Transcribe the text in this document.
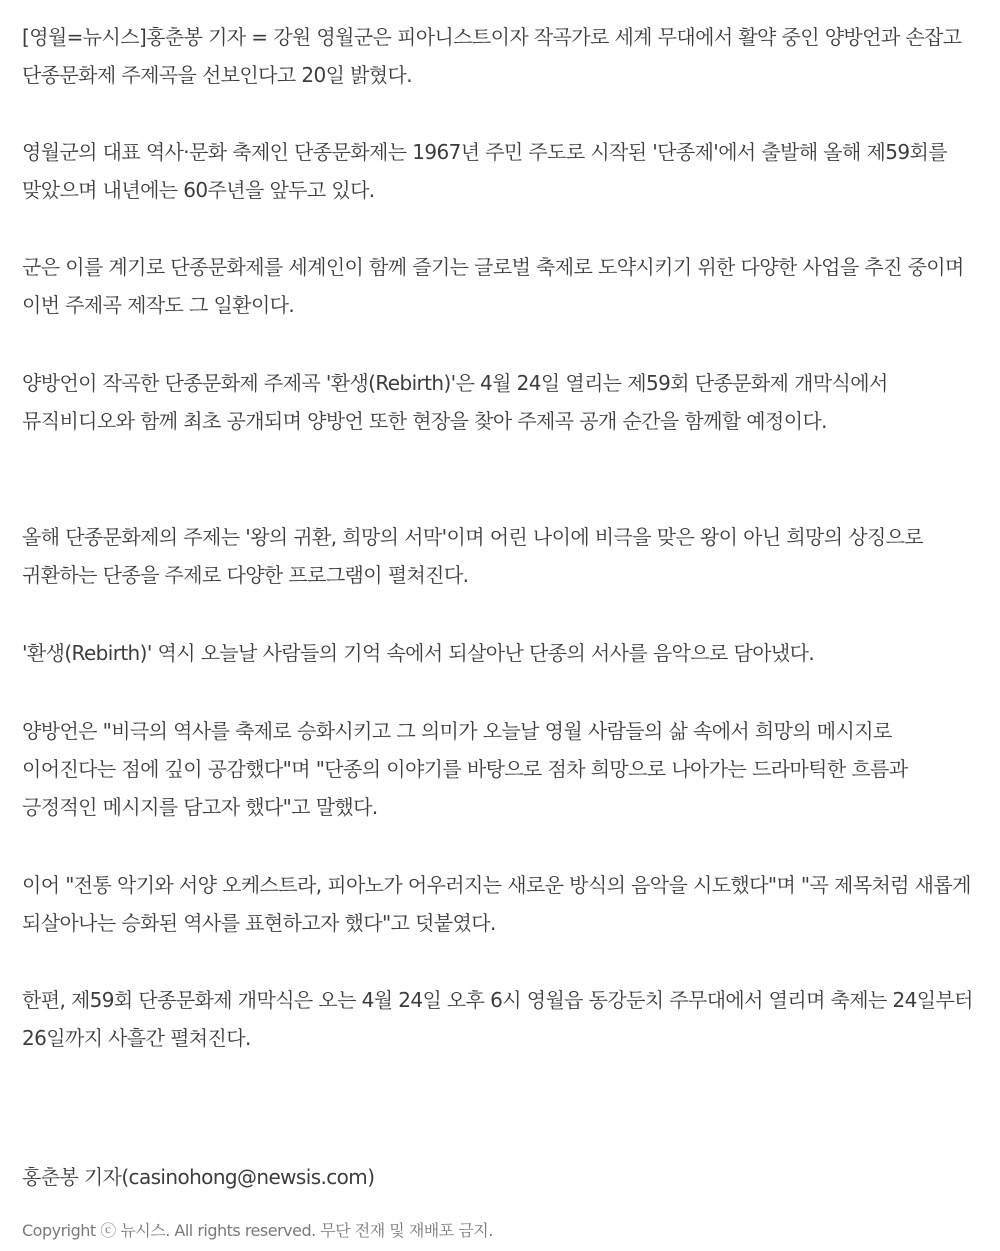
[영월=뉴시스]홍춘봉 기자 = 강원 영월군은 피아니스트이자 작곡가로 세계 무대에서 활약 중인 양방언과 손잡고 단종문화제 주제곡을 선보인다고 20일 밝혔다.

영월군의 대표 역사·문화 축제인 단종문화제는 1967년 주민 주도로 시작된 '단종제'에서 출발해 올해 제59회를 맞았으며 내년에는 60주년을 앞두고 있다.

군은 이를 계기로 단종문화제를 세계인이 함께 즐기는 글로벌 축제로 도약시키기 위한 다양한 사업을 추진 중이며 이번 주제곡 제작도 그 일환이다.

양방언이 작곡한 단종문화제 주제곡 '환생(Rebirth)'은 4월 24일 열리는 제59회 단종문화제 개막식에서 뮤직비디오와 함께 최초 공개되며 양방언 또한 현장을 찾아 주제곡 공개 순간을 함께할 예정이다.

올해 단종문화제의 주제는 '왕의 귀환, 희망의 서막'이며 어린 나이에 비극을 맞은 왕이 아닌 희망의 상징으로 귀환하는 단종을 주제로 다양한 프로그램이 펼쳐진다.

'환생(Rebirth)' 역시 오늘날 사람들의 기억 속에서 되살아난 단종의 서사를 음악으로 담아냈다.

양방언은 "비극의 역사를 축제로 승화시키고 그 의미가 오늘날 영월 사람들의 삶 속에서 희망의 메시지로 이어진다는 점에 깊이 공감했다"며 "단종의 이야기를 바탕으로 점차 희망으로 나아가는 드라마틱한 흐름과 긍정적인 메시지를 담고자 했다"고 말했다.

이어 "전통 악기와 서양 오케스트라, 피아노가 어우러지는 새로운 방식의 음악을 시도했다"며 "곡 제목처럼 새롭게 되살아나는 승화된 역사를 표현하고자 했다"고 덧붙였다.

한편, 제59회 단종문화제 개막식은 오는 4월 24일 오후 6시 영월읍 동강둔치 주무대에서 열리며 축제는 24일부터 26일까지 사흘간 펼쳐진다.

홍춘봉 기자(casinohong@newsis.com)

Copyright ⓒ 뉴시스. All rights reserved. 무단 전재 및 재배포 금지.
